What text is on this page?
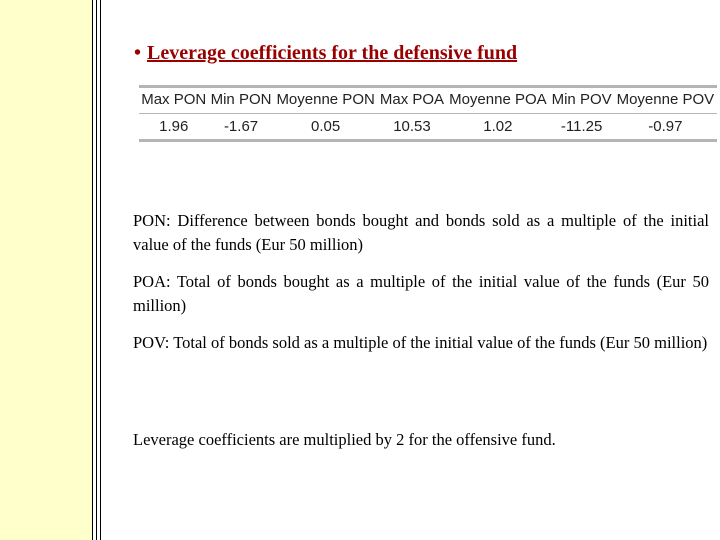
• Leverage coefficients for the defensive fund
Max PON	Min PON	Moyenne PON	Max POA	Moyenne POA	Min POV	Moyenne POV
1.96	-1.67	0.05	10.53	1.02	-11.25	-0.97
PON: Difference between bonds bought and bonds sold as a multiple of the initial value of the funds (Eur 50 million)
POA: Total of bonds bought as a multiple of the initial value of the funds (Eur 50 million)
POV: Total of bonds sold as a multiple of the initial value of the funds (Eur 50 million)
Leverage coefficients are multiplied by 2 for the offensive fund.
